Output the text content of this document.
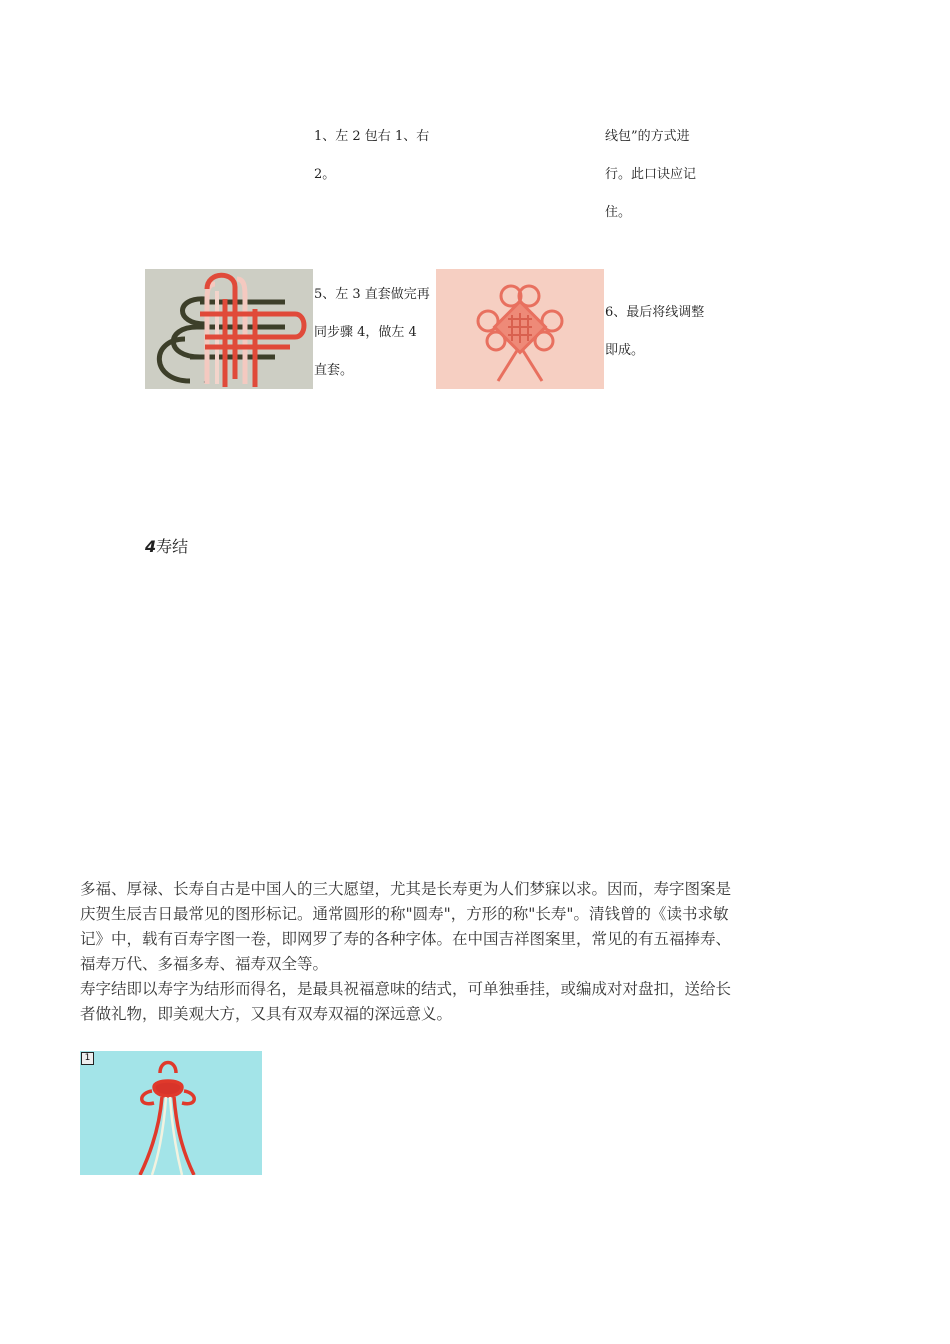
1、左 2 包右 1、右
2。
线包”的方式进
行。此口诀应记
住。
·
5、左 3 直套做完再
同步骤 4，做左 4
直套。
6、最后将线调整
即成。
4寿结

多福、厚禄、长寿自古是中国人的三大愿望，尤其是长寿更为人们梦寐以求。因而，寿字图案是庆贺生辰吉日最常见的图形标记。通常圆形的称"圆寿"，方形的称"长寿"。清钱曾的《读书求敏记》中，载有百寿字图一卷，即网罗了寿的各种字体。在中国吉祥图案里，常见的有五福捧寿、福寿万代、多福多寿、福寿双全等。

寿字结即以寿字为结形而得名，是最具祝福意味的结式，可单独垂挂，或编成对对盘扣，送给长者做礼物，即美观大方，又具有双寿双福的深远意义。

1
